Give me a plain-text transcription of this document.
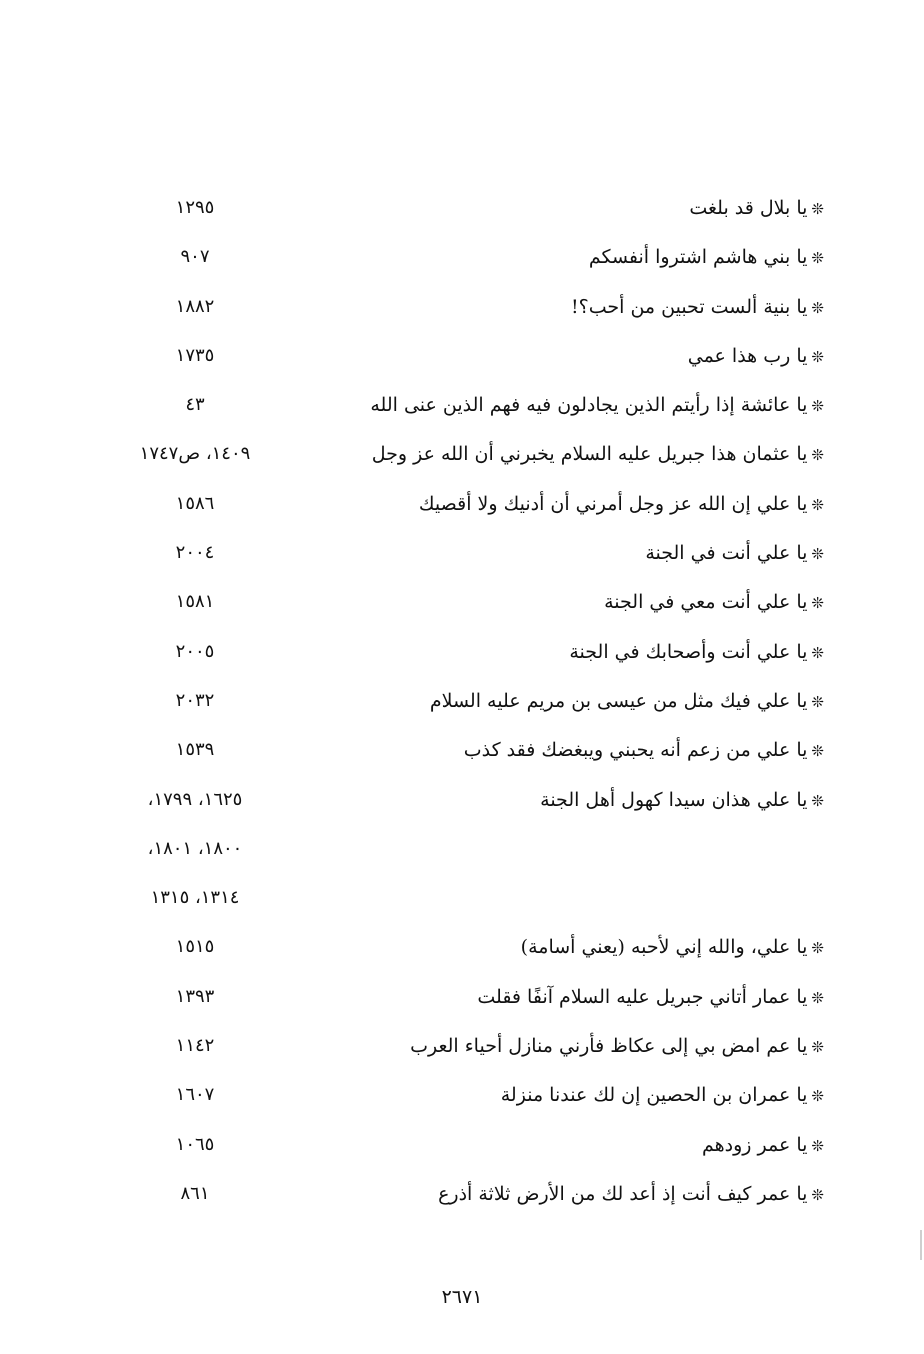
❊يا بلال قد بلغت
١٢٩٥
❊يا بني هاشم اشتروا أنفسكم
٩٠٧
❊يا بنية ألست تحبين من أحب؟!
١٨٨٢
❊يا رب هذا عمي
١٧٣٥
❊يا عائشة إذا رأيتم الذين يجادلون فيه فهم الذين عنى الله
٤٣
❊يا عثمان هذا جبريل عليه السلام يخبرني أن الله عز وجل
١٤٠٩، ص١٧٤٧
❊يا علي إن الله عز وجل أمرني أن أدنيك ولا أقصيك
١٥٨٦
❊يا علي أنت في الجنة
٢٠٠٤
❊يا علي أنت معي في الجنة
١٥٨١
❊يا علي أنت وأصحابك في الجنة
٢٠٠٥
❊يا علي فيك مثل من عيسى بن مريم عليه السلام
٢٠٣٢
❊يا علي من زعم أنه يحبني ويبغضك فقد كذب
١٥٣٩
❊يا علي هذان سيدا كهول أهل الجنة
١٦٢٥، ١٧٩٩،
١٨٠٠، ١٨٠١،
١٣١٤، ١٣١٥
❊يا علي، والله إني لأحبه (يعني أسامة)
١٥١٥
❊يا عمار أتاني جبريل عليه السلام آنفًا فقلت
١٣٩٣
❊يا عم امض بي إلى عكاظ فأرني منازل أحياء العرب
١١٤٢
❊يا عمران بن الحصين إن لك عندنا منزلة
١٦٠٧
❊يا عمر زودهم
١٠٦٥
❊يا عمر كيف أنت إذ أعد لك من الأرض ثلاثة أذرع
٨٦١
٢٦٧١
